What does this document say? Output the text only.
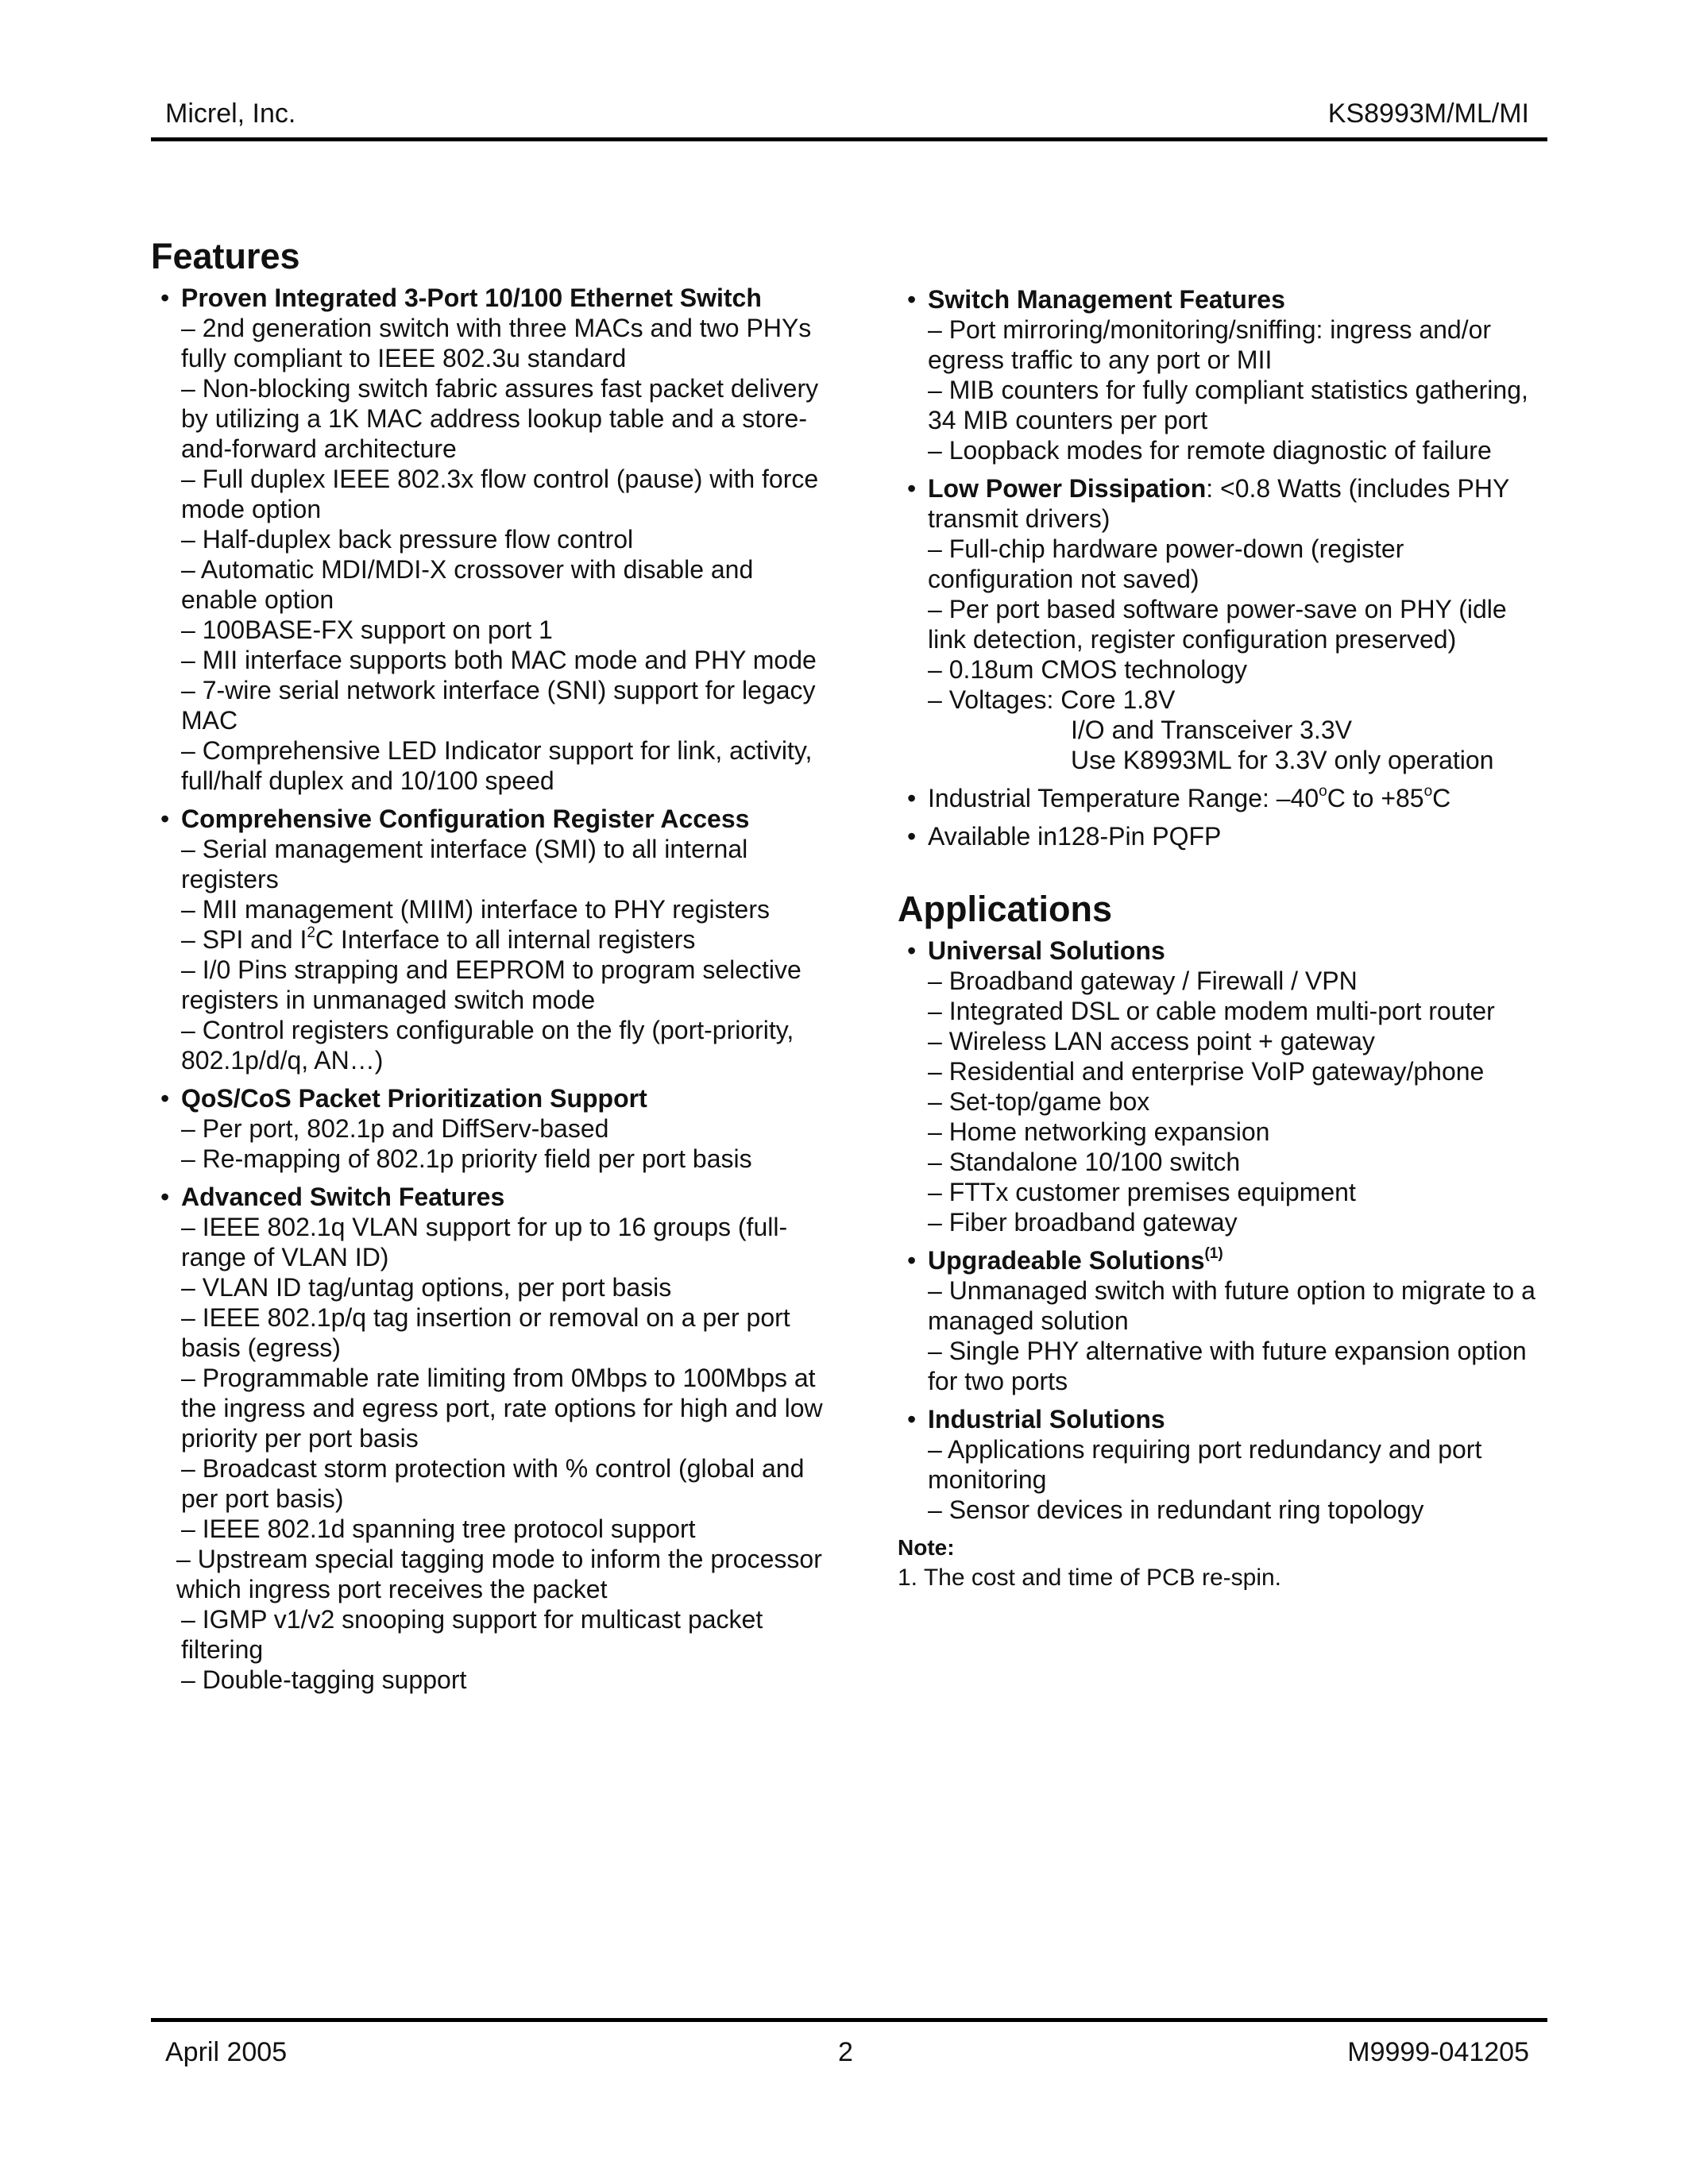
Micrel, Inc.	KS8993M/ML/MI
Features
• Proven Integrated 3-Port 10/100 Ethernet Switch
– 2nd generation switch with three MACs and two PHYs fully compliant to IEEE 802.3u standard
– Non-blocking switch fabric assures fast packet delivery by utilizing a 1K MAC address lookup table and a store-and-forward architecture
– Full duplex IEEE 802.3x flow control (pause) with force mode option
– Half-duplex back pressure flow control
– Automatic MDI/MDI-X crossover with disable and enable option
– 100BASE-FX support on port 1
– MII interface supports both MAC mode and PHY mode
– 7-wire serial network interface (SNI) support for legacy MAC
– Comprehensive LED Indicator support for link, activity, full/half duplex and 10/100 speed
• Comprehensive Configuration Register Access
– Serial management interface (SMI) to all internal registers
– MII management (MIIM) interface to PHY registers
– SPI and $I^2C$ Interface to all internal registers
– I/0 Pins strapping and EEPROM to program selective registers in unmanaged switch mode
– Control registers configurable on the fly (port-priority, 802.1p/d/q, AN…)
• QoS/CoS Packet Prioritization Support
– Per port, 802.1p and DiffServ-based
– Re-mapping of 802.1p priority field per port basis
• Advanced Switch Features
– IEEE 802.1q VLAN support for up to 16 groups (full-range of VLAN ID)
– VLAN ID tag/untag options, per port basis
– IEEE 802.1p/q tag insertion or removal on a per port basis (egress)
– Programmable rate limiting from 0Mbps to 100Mbps at the ingress and egress port, rate options for high and low priority per port basis
– Broadcast storm protection with % control (global and per port basis)
– IEEE 802.1d spanning tree protocol support
– Upstream special tagging mode to inform the processor which ingress port receives the packet
– IGMP v1/v2 snooping support for multicast packet filtering
– Double-tagging support
• Switch Management Features
– Port mirroring/monitoring/sniffing: ingress and/or egress traffic to any port or MII
– MIB counters for fully compliant statistics gathering, 34 MIB counters per port
– Loopback modes for remote diagnostic of failure
• Low Power Dissipation: <0.8 Watts (includes PHY transmit drivers)
– Full-chip hardware power-down (register configuration not saved)
– Per port based software power-save on PHY (idle link detection, register configuration preserved)
– 0.18um CMOS technology
– Voltages: Core 1.8V
I/O and Transceiver 3.3V
Use K8993ML for 3.3V only operation
• Industrial Temperature Range: –40$^o$C to $+85^oC$
• Available in128-Pin PQFP
Applications
• Universal Solutions
– Broadband gateway / Firewall / VPN
– Integrated DSL or cable modem multi-port router
– Wireless LAN access point + gateway
– Residential and enterprise VoIP gateway/phone
– Set-top/game box
– Home networking expansion
– Standalone 10/100 switch
– FTTx customer premises equipment
– Fiber broadband gateway
• Upgradeable Solutions$^{(1)}$
– Unmanaged switch with future option to migrate to a managed solution
– Single PHY alternative with future expansion option for two ports
• Industrial Solutions
– Applications requiring port redundancy and port monitoring
– Sensor devices in redundant ring topology
Note:
1. The cost and time of PCB re-spin.
April 2005	2	M9999-041205
